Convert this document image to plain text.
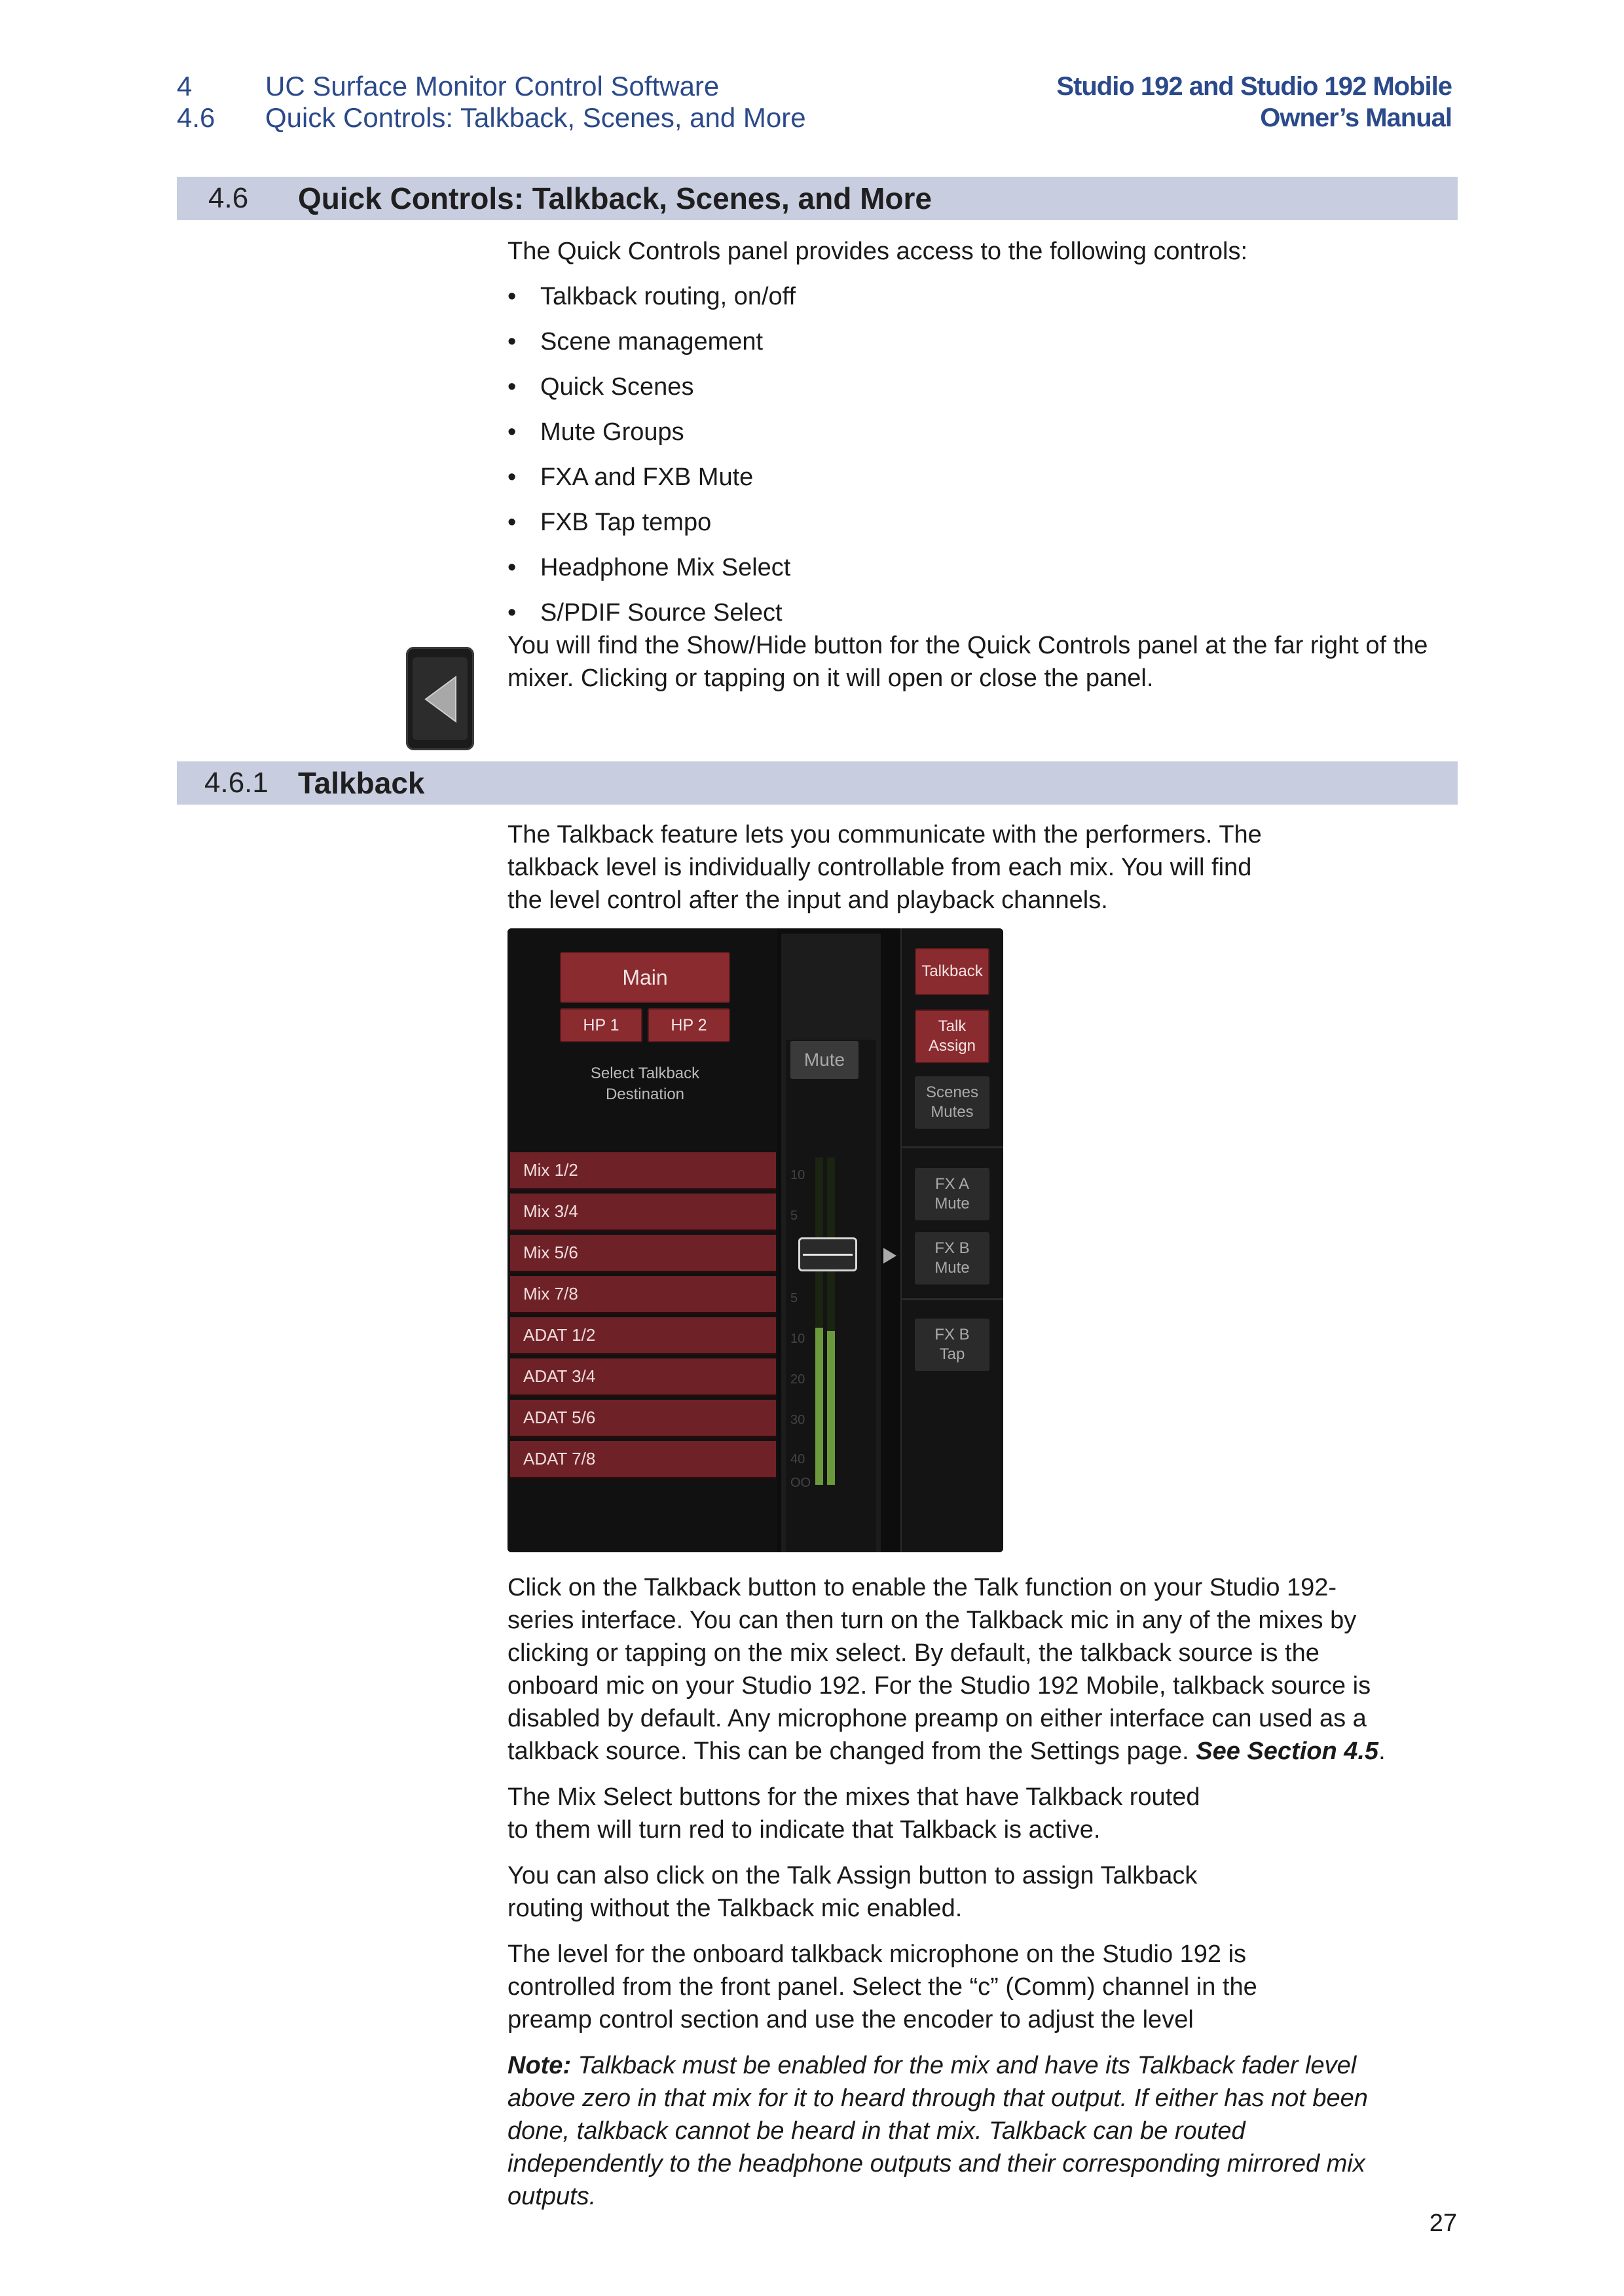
4	UC Surface Monitor Control Software
4.6	Quick Controls: Talkback, Scenes, and More
Studio 192 and Studio 192 Mobile
Owner’s Manual
4.6	Quick Controls: Talkback, Scenes, and More

The Quick Controls panel provides access to the following controls:

• Talkback routing, on/off
• Scene management
• Quick Scenes
• Mute Groups
• FXA and FXB Mute
• FXB Tap tempo
• Headphone Mix Select
• S/PDIF Source Select

You will find the Show/Hide button for the Quick Controls panel at the far right of the mixer. Clicking or tapping on it will open or close the panel.

4.6.1 Talkback
The Talkback feature lets you communicate with the performers. The talkback level is individually controllable from each mix. You will find the level control after the input and playback channels.
Main
HP 1	HP 2
Select Talkback
Destination
Mix 1/2
Mix 3/4
Mix 5/6
Mix 7/8
ADAT 1/2
ADAT 3/4
ADAT 5/6
ADAT 7/8
Mute
10
5
5
10
20
30
40
OO
Talkback
Talk
Assign
Scenes
Mutes
FX A
Mute
FX B
Mute
FX B
Tap

Click on the Talkback button to enable the Talk function on your Studio 192-series interface. You can then turn on the Talkback mic in any of the mixes by clicking or tapping on the mix select. By default, the talkback source is the onboard mic on your Studio 192. For the Studio 192 Mobile, talkback source is disabled by default. Any microphone preamp on either interface can used as a talkback source. This can be changed from the Settings page. See Section 4.5.

The Mix Select buttons for the mixes that have Talkback routed to them will turn red to indicate that Talkback is active.

You can also click on the Talk Assign button to assign Talkback routing without the Talkback mic enabled.

The level for the onboard talkback microphone on the Studio 192 is controlled from the front panel. Select the “c” (Comm) channel in the preamp control section and use the encoder to adjust the level

Note: Talkback must be enabled for the mix and have its Talkback fader level above zero in that mix for it to heard through that output. If either has not been done, talkback cannot be heard in that mix. Talkback can be routed independently to the headphone outputs and their corresponding mirrored mix outputs.

27
